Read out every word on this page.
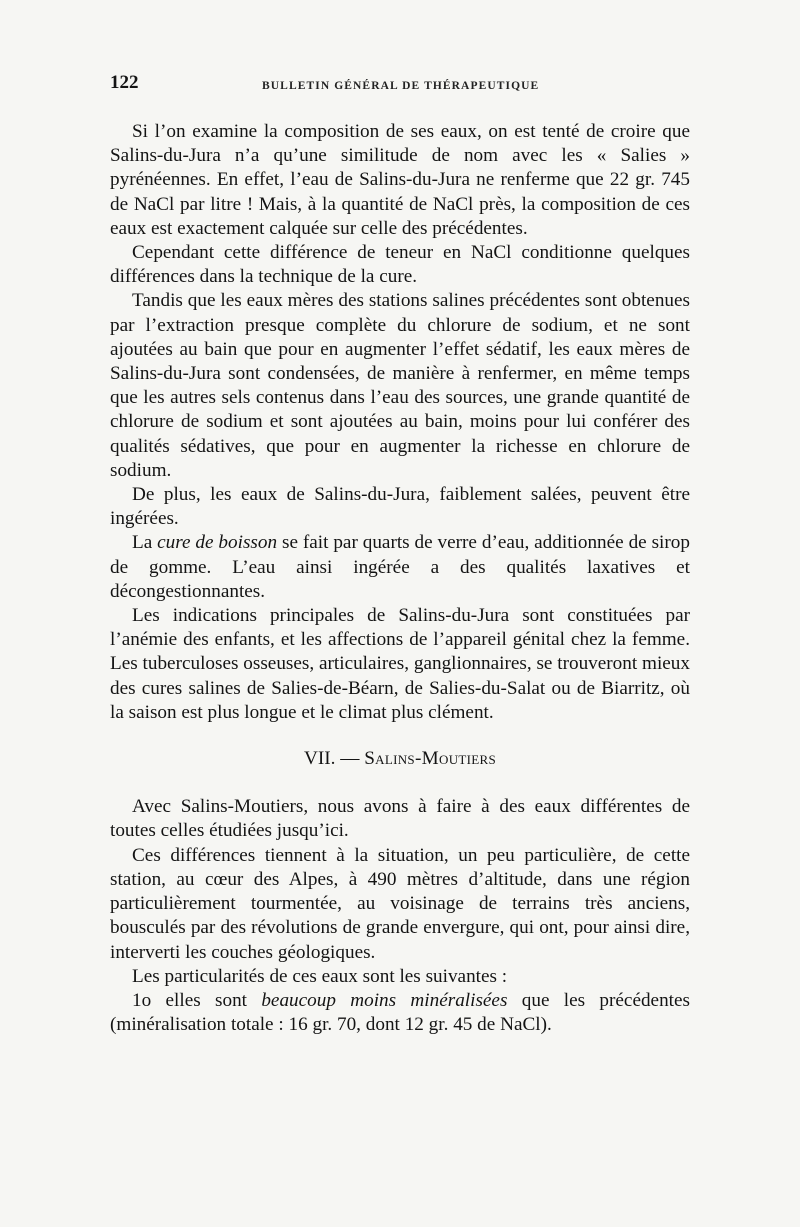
122	BULLETIN GÉNÉRAL DE THÉRAPEUTIQUE

Si l’on examine la composition de ses eaux, on est tenté de croire que Salins-du-Jura n’a qu’une similitude de nom avec les « Salies » pyrénéennes. En effet, l’eau de Salins-du-Jura ne renferme que 22 gr. 745 de NaCl par litre ! Mais, à la quantité de NaCl près, la composition de ces eaux est exactement calquée sur celle des précédentes.

Cependant cette différence de teneur en NaCl conditionne quelques différences dans la technique de la cure.

Tandis que les eaux mères des stations salines précédentes sont obtenues par l’extraction presque complète du chlorure de sodium, et ne sont ajoutées au bain que pour en augmenter l’effet sédatif, les eaux mères de Salins-du-Jura sont condensées, de manière à renfermer, en même temps que les autres sels contenus dans l’eau des sources, une grande quantité de chlorure de sodium et sont ajoutées au bain, moins pour lui conférer des qualités sédatives, que pour en augmenter la richesse en chlorure de sodium.

De plus, les eaux de Salins-du-Jura, faiblement salées, peuvent être ingérées.

La cure de boisson se fait par quarts de verre d’eau, additionnée de sirop de gomme. L’eau ainsi ingérée a des qualités laxatives et décongestionnantes.

Les indications principales de Salins-du-Jura sont constituées par l’anémie des enfants, et les affections de l’appareil génital chez la femme. Les tuberculoses osseuses, articulaires, ganglionnaires, se trouveront mieux des cures salines de Salies-de-Béarn, de Salies-du-Salat ou de Biarritz, où la saison est plus longue et le climat plus clément.

VII. — Salins-Moutiers

Avec Salins-Moutiers, nous avons à faire à des eaux différentes de toutes celles étudiées jusqu’ici.

Ces différences tiennent à la situation, un peu particulière, de cette station, au cœur des Alpes, à 490 mètres d’altitude, dans une région particulièrement tourmentée, au voisinage de terrains très anciens, bousculés par des révolutions de grande envergure, qui ont, pour ainsi dire, interverti les couches géologiques.

Les particularités de ces eaux sont les suivantes :

1o elles sont beaucoup moins minéralisées que les précédentes (minéralisation totale : 16 gr. 70, dont 12 gr. 45 de NaCl).
